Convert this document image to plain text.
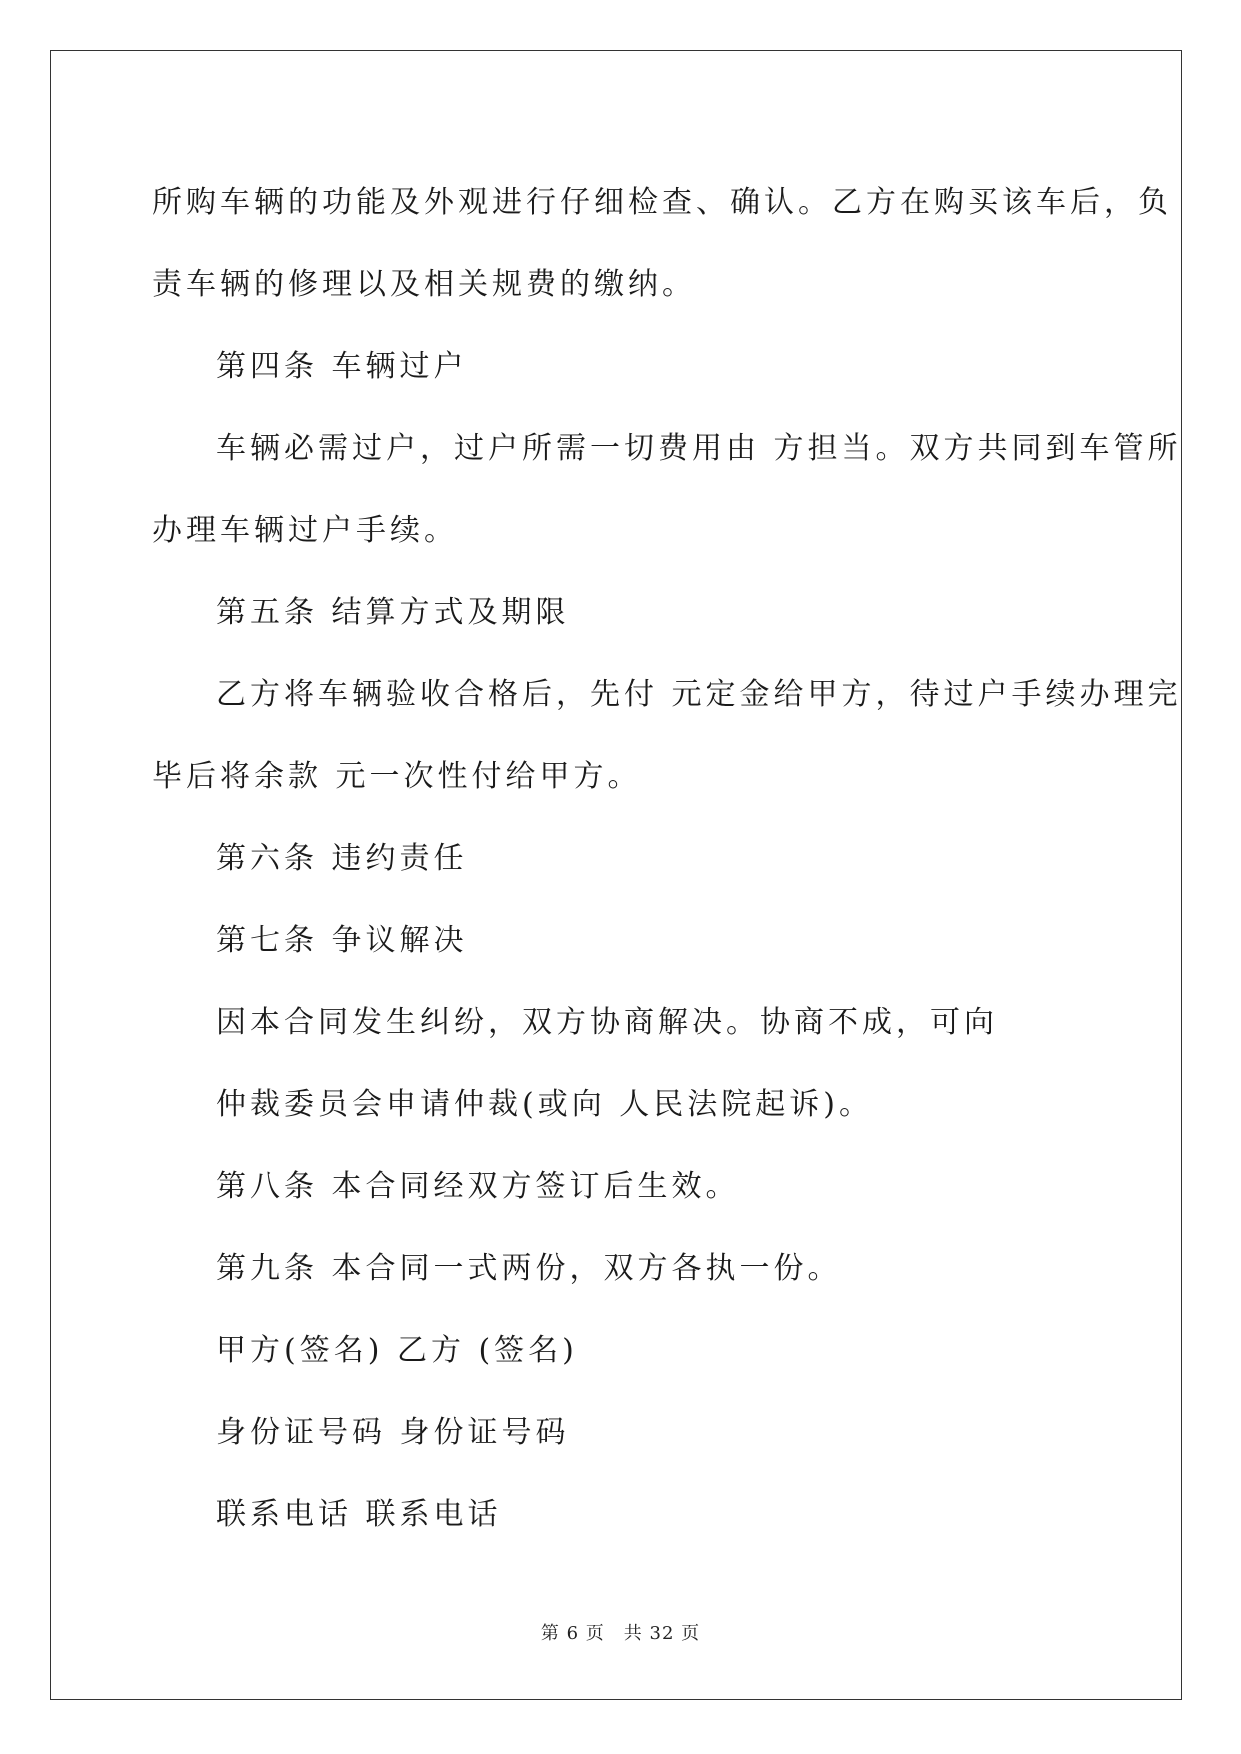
所购车辆的功能及外观进行仔细检查、确认。乙方在购买该车后，负

责车辆的修理以及相关规费的缴纳。

第四条 车辆过户

车辆必需过户，过户所需一切费用由 方担当。双方共同到车管所

办理车辆过户手续。

第五条 结算方式及期限

乙方将车辆验收合格后，先付 元定金给甲方，待过户手续办理完

毕后将余款 元一次性付给甲方。

第六条 违约责任

第七条 争议解决

因本合同发生纠纷，双方协商解决。协商不成，可向

仲裁委员会申请仲裁(或向 人民法院起诉)。

第八条 本合同经双方签订后生效。

第九条 本合同一式两份，双方各执一份。

甲方(签名) 乙方 (签名)

身份证号码 身份证号码

联系电话 联系电话

第 6 页　共 32 页
